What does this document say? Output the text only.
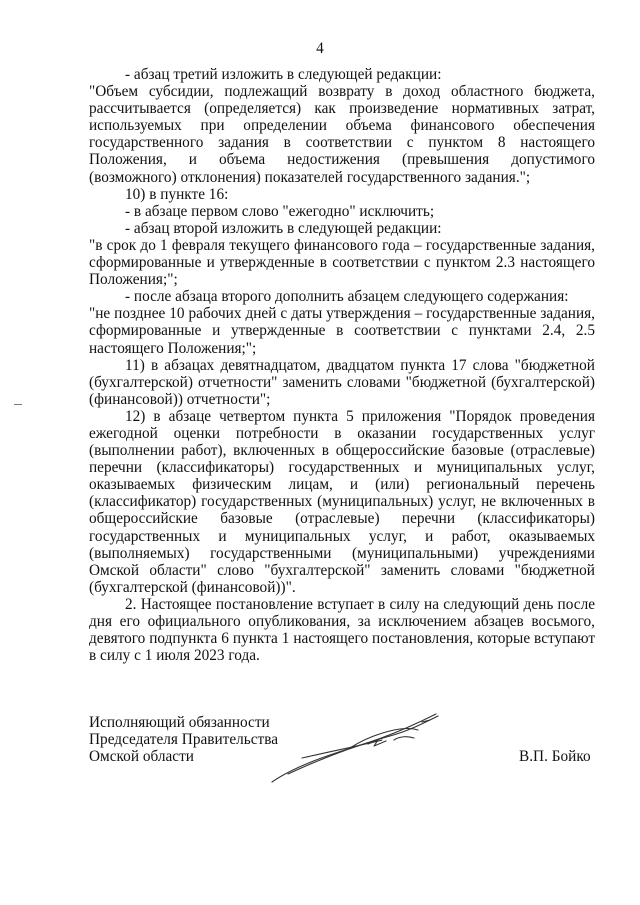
4

- абзац третий изложить в следующей редакции:

"Объем субсидии, подлежащий возврату в доход областного бюджета, рассчитывается (определяется) как произведение нормативных затрат, используемых при определении объема финансового обеспечения государственного задания в соответствии с пунктом 8 настоящего Положения, и объема недостижения (превышения допустимого (возможного) отклонения) показателей государственного задания.";

10) в пункте 16:

- в абзаце первом слово "ежегодно" исключить;

- абзац второй изложить в следующей редакции:

"в срок до 1 февраля текущего финансового года – государственные задания, сформированные и утвержденные в соответствии с пунктом 2.3 настоящего Положения;";

- после абзаца второго дополнить абзацем следующего содержания:

"не позднее 10 рабочих дней с даты утверждения – государственные задания, сформированные и утвержденные в соответствии с пунктами 2.4, 2.5 настоящего Положения;";

11) в абзацах девятнадцатом, двадцатом пункта 17 слова "бюджетной (бухгалтерской) отчетности" заменить словами "бюджетной (бухгалтерской) (финансовой)) отчетности";

12) в абзаце четвертом пункта 5 приложения "Порядок проведения ежегодной оценки потребности в оказании государственных услуг (выполнении работ), включенных в общероссийские базовые (отраслевые) перечни (классификаторы) государственных и муниципальных услуг, оказываемых физическим лицам, и (или) региональный перечень (классификатор) государственных (муниципальных) услуг, не включенных в общероссийские базовые (отраслевые) перечни (классификаторы) государственных и муниципальных услуг, и работ, оказываемых (выполняемых) государственными (муниципальными) учреждениями Омской области" слово "бухгалтерской" заменить словами "бюджетной (бухгалтерской (финансовой))".

2. Настоящее постановление вступает в силу на следующий день после дня его официального опубликования, за исключением абзацев восьмого, девятого подпункта 6 пункта 1 настоящего постановления, которые вступают в силу с 1 июля 2023 года.

Исполняющий обязанности
Председателя Правительства
Омской области	В.П. Бойко
